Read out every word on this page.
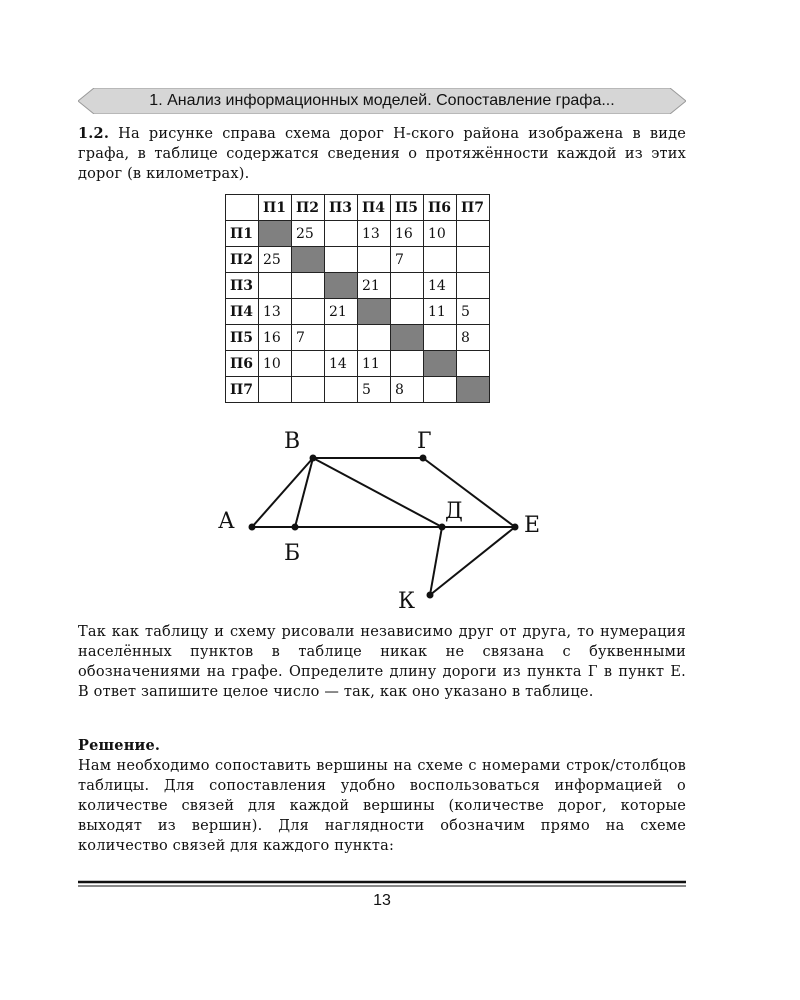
1. Анализ информационных моделей. Сопоставление графа...

1.2. На рисунке справа схема дорог Н-ского района изображена в виде графа, в таблице содержатся сведения о протяжённости каждой из этих дорог (в километрах).

	П1	П2	П3	П4	П5	П6	П7
П1		25		13	16	10	
П2	25				7		
П3				21		14	
П4	13		21			11	5
П5	16	7					8
П6	10		14	11			
П7				5	8		
А
Б
В	Г
Д
Е
К

Так как таблицу и схему рисовали независимо друг от друга, то нумерация населённых пунктов в таблице никак не связана с буквенными обозначениями на графе. Определите длину дороги из пункта Г в пункт Е. В ответ запишите целое число — так, как оно указано в таблице.

Решение.

Нам необходимо сопоставить вершины на схеме с номерами строк/столбцов таблицы. Для сопоставления удобно воспользоваться информацией о количестве связей для каждой вершины (количестве дорог, которые выходят из вершин). Для наглядности обозначим прямо на схеме количество связей для каждого пункта:

13
